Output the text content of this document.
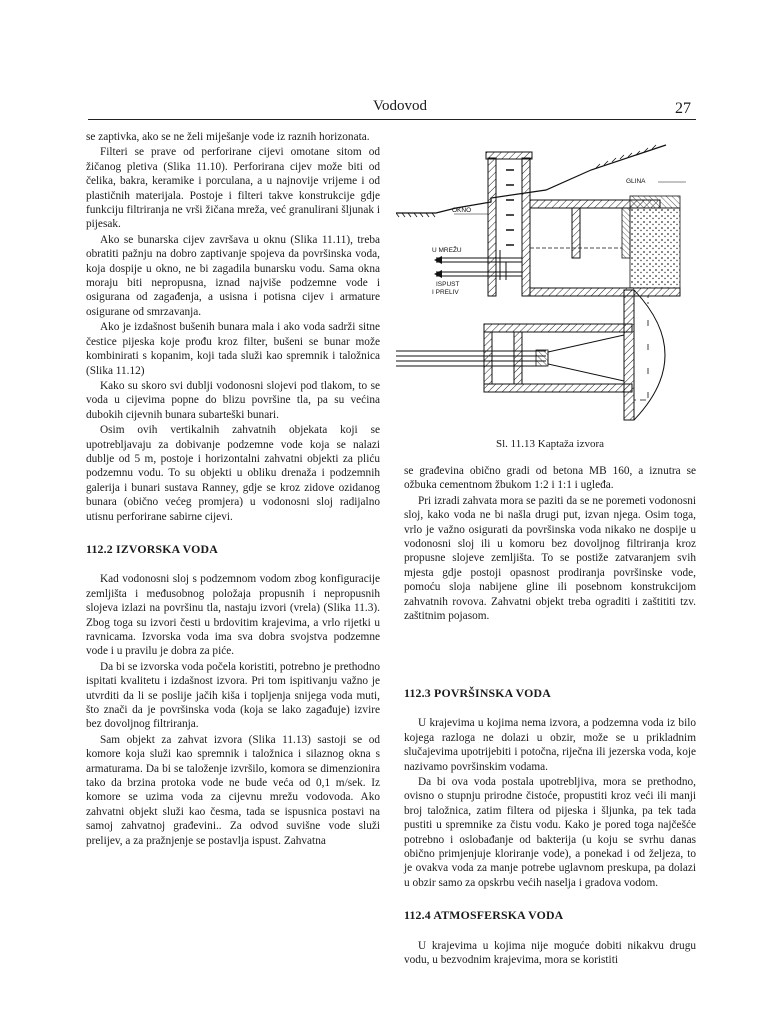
Vodovod	27

se zaptivka, ako se ne želi miješanje vode iz raznih horizonata.

Filteri se prave od perforirane cijevi omotane sitom od žičanog pletiva (Slika 11.10). Perforirana cijev može biti od čelika, bakra, keramike i porculana, a u najnovije vrijeme i od plastičnih materijala. Postoje i filteri takve konstrukcije gdje funkciju filtriranja ne vrši žičana mreža, već granulirani šljunak i pijesak.

Ako se bunarska cijev završava u oknu (Slika 11.11), treba obratiti pažnju na dobro zaptivanje spojeva da površinska voda, koja dospije u okno, ne bi zagadila bunarsku vodu. Sama okna moraju biti nepropusna, iznad najviše podzemne vode i osigurana od zagađenja, a usisna i potisna cijev i armature osigurane od smrzavanja.

Ako je izdašnost bušenih bunara mala i ako voda sadrži sitne čestice pijeska koje prođu kroz filter, bušeni se bunar može kombinirati s kopanim, koji tada služi kao spremnik i taložnica (Slika 11.12)

Kako su skoro svi dublji vodonosni slojevi pod tlakom, to se voda u cijevima popne do blizu površine tla, pa su većina dubokih cijevnih bunara subarteški bunari.

Osim ovih vertikalnih zahvatnih objekata koji se upotrebljavaju za dobivanje podzemne vode koja se nalazi dublje od 5 m, postoje i horizontalni zahvatni objekti za pliću podzemnu vodu. To su objekti u obliku drenaža i podzemnih galerija i bunari sustava Ranney, gdje se kroz zidove ozidanog bunara (obično većeg promjera) u vodonosni sloj radijalno utisnu perforirane sabirne cijevi.

112.2 IZVORSKA VODA

Kad vodonosni sloj s podzemnom vodom zbog konfiguracije zemljišta i međusobnog položaja propusnih i nepropusnih slojeva izlazi na površinu tla, nastaju izvori (vrela) (Slika 11.3). Zbog toga su izvori česti u brdovitim krajevima, a vrlo rijetki u ravnicama. Izvorska voda ima sva dobra svojstva podzemne vode i u pravilu je dobra za piće.

Da bi se izvorska voda počela koristiti, potrebno je prethodno ispitati kvalitetu i izdašnost izvora. Pri tom ispitivanju važno je utvrditi da li se poslije jačih kiša i topljenja snijega voda muti, što znači da je površinska voda (koja se lako zagađuje) izvire bez dovoljnog filtriranja.

Sam objekt za zahvat izvora (Slika 11.13) sastoji se od komore koja služi kao spremnik i taložnica i silaznog okna s armaturama. Da bi se taloženje izvršilo, komora se dimenzionira tako da brzina protoka vode ne bude veća od 0,1 m/sek. Iz komore se uzima voda za cijevnu mrežu vodovoda. Ako zahvatni objekt služi kao česma, tada se ispusnica postavi na samoj zahvatnoj građevini.. Za odvod suvišne vode služi prelijev, a za pražnjenje se postavlja ispust. Zahvatna

GLINA
OKNO
U MREŽU
ISPUST
I PRELIV
Sl. 11.13 Kaptaža izvora

se građevina obično gradi od betona MB 160, a iznutra se ožbuka cementnom žbukom 1:2 i 1:1 i ugleđa.

Pri izradi zahvata mora se paziti da se ne poremeti vodonosni sloj, kako voda ne bi našla drugi put, izvan njega. Osim toga, vrlo je važno osigurati da površinska voda nikako ne dospije u vodonosni sloj ili u komoru bez dovoljnog filtriranja kroz propusne slojeve zemljišta. To se postiže zatvaranjem svih mjesta gdje postoji opasnost prodiranja površinske vode, pomoću sloja nabijene gline ili posebnom konstrukcijom zahvatnih rovova. Zahvatni objekt treba ograditi i zaštititi tzv. zaštitnim pojasom.

112.3 POVRŠINSKA VODA

U krajevima u kojima nema izvora, a podzemna voda iz bilo kojega razloga ne dolazi u obzir, može se u prikladnim slučajevima upotrijebiti i potočna, riječna ili jezerska voda, koje nazivamo površinskim vodama.

Da bi ova voda postala upotrebljiva, mora se prethodno, ovisno o stupnju prirodne čistoće, propustiti kroz veći ili manji broj taložnica, zatim filtera od pijeska i šljunka, pa tek tada pustiti u spremnike za čistu vodu. Kako je pored toga najčešće potrebno i oslobađanje od bakterija (u koju se svrhu danas obično primjenjuje kloriranje vode), a ponekad i od željeza, to je ovakva voda za manje potrebe uglavnom preskupa, pa dolazi u obzir samo za opskrbu većih naselja i gradova vodom.

112.4 ATMOSFERSKA VODA

U krajevima u kojima nije moguće dobiti nikakvu drugu vodu, u bezvodnim krajevima, mora se koristiti
